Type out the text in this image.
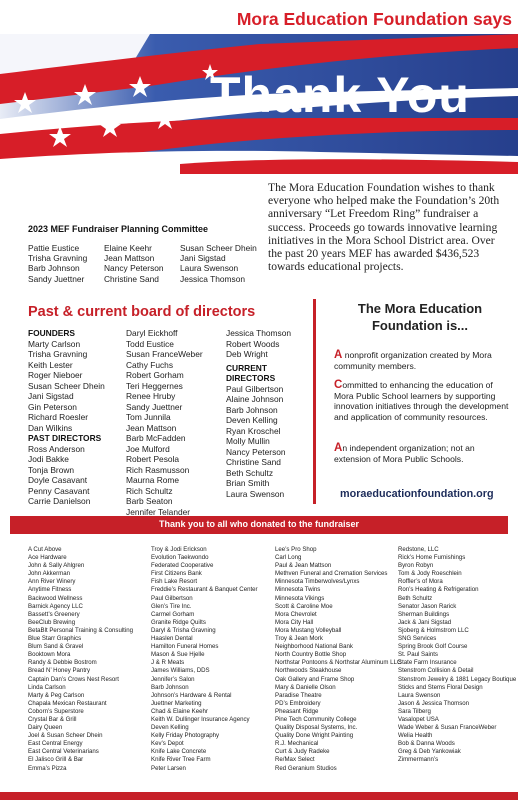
Mora Education Foundation says
Thank You
The Mora Education Foundation wishes to thank everyone who helped make the Foundation’s 20th anniversary “Let Freedom Ring” fundraiser a success. Proceeds go towards innovative learning initiatives in the Mora School District area. Over the past 20 years MEF has awarded $436,523 towards educational projects.
2023 MEF Fundraiser Planning Committee
Pattie Eustice
Trisha Gravning
Barb Johnson
Sandy Juettner
Elaine Keehr
Jean Mattson
Nancy Peterson
Christine Sand
Susan Scheer Dhein
Jani Sigstad
Laura Swenson
Jessica Thomson
Past & current board of directors
FOUNDERS
Marty Carlson
Trisha Gravning
Keith Lester
Roger Nieboer
Susan Scheer Dhein
Jani Sigstad
Gin Peterson
Richard Roesler
Dan Wilkins
PAST DIRECTORS
Ross Anderson
Jodi Bakke
Tonja Brown
Doyle Casavant
Penny Casavant
Carrie Danielson
Daryl Eickhoff
Todd Eustice
Susan FranceWeber
Cathy Fuchs
Robert Gorham
Teri Heggernes
Renee Hruby
Sandy Juettner
Tom Junnila
Jean Mattson
Barb McFadden
Joe Mulford
Robert Pesola
Rich Rasmusson
Maurna Rome
Rich Schultz
Barb Seaton
Jennifer Telander
Jessica Thomson
Robert Woods
Deb Wright
CURRENT DIRECTORS
Paul Gilbertson
Alaine Johnson
Barb Johnson
Deven Kelling
Ryan Kroschel
Molly Mullin
Nancy Peterson
Christine Sand
Beth Schultz
Brian Smith
Laura Swenson
The Mora Education
Foundation is...
A nonprofit organization created by Mora community members.
Committed to enhancing the education of Mora Public School learners by supporting innovation initiatives through the development and application of community resources.
An independent organization; not an extension of Mora Public Schools.
moraeducationfoundation.org
Thank you to all who donated to the fundraiser
A Cut Above
Ace Hardware
John & Sally Ahlgren
John Akkerman
Ann River Winery
Anytime Fitness
Backwood Wellness
Barnick Agency LLC
Bassett’s Greenery
BeeClub Brewing
BetaBlt Personal Training & Consulting
Blue Starr Graphics
Blum Sand & Gravel
Booktown Mora
Randy & Debbie Bostrom
Bread N’ Honey Pantry
Captain Dan’s Crows Nest Resort
Linda Carlson
Marty & Peg Carlson
Chapala Mexican Restaurant
Coborn’s Superstore
Crystal Bar & Grill
Dairy Queen
Joel & Susan Scheer Dhein
East Central Energy
East Central Veterinarians
El Jalisco Grill & Bar
Emma’s Pizza
Troy & Jodi Erickson
Evolution Taekwondo
Federated Cooperative
First Citizens Bank
Fish Lake Resort
Freddie’s Restaurant & Banquet Center
Paul Gilbertson
Glen’s Tire Inc.
Carmel Gorham
Granite Ridge Quilts
Daryl & Trisha Gravning
Haaslen Dental
Hamilton Funeral Homes
Mason & Sue Hjelle
J & R Meats
James Williams, DDS
Jennifer’s Salon
Barb Johnson
Johnson’s Hardware & Rental
Juettner Marketing
Chad & Elaine Keehr
Keith W. Dullinger Insurance Agency
Deven Kelling
Kelly Friday Photography
Kev’s Depot
Knife Lake Concrete
Knife River Tree Farm
Peter Larsen
Lee’s Pro Shop
Carl Long
Paul & Jean Mattson
Methven Funeral and Cremation Services
Minnesota Timberwolves/Lynxs
Minnesota Twins
Minnesota Vikings
Scott & Caroline Moe
Mora Chevrolet
Mora City Hall
Mora Mustang Volleyball
Troy & Jean Mork
Neighborhood National Bank
North Country Bottle Shop
Northstar Pontoons & Northstar Aluminum LLC
Northwoods Steakhouse
Oak Gallery and Frame Shop
Mary & Danielle Olson
Paradise Theatre
PD’s Embroidery
Pheasant Ridge
Pine Tech Community College
Quality Disposal Systems, Inc.
Quality Done Wright Painting
R.J. Mechanical
Curt & Judy Radeke
Re/Max Select
Red Geranium Studios
Redstone, LLC
Rick’s Home Furnishings
Byron Robyn
Tom & Jody Roeschlein
Roffler’s of Mora
Ron’s Heating & Refrigeration
Beth Schultz
Senator Jason Rarick
Sherman Buildings
Jack & Jani Sigstad
Sjoberg & Holmstrom LLC
SNG Services
Spring Brook Golf Course
St. Paul Saints
State Farm Insurance
Stenstrom Collision & Detail
Stenstrom Jewelry & 1881 Legacy Boutique
Sticks and Stems Floral Design
Laura Swenson
Jason & Jessica Thomson
Sara Tilberg
Vasalopet USA
Wade Weber & Susan FranceWeber
Welia Health
Bob & Danna Woods
Greg & Deb Yankowiak
Zimmermann’s
